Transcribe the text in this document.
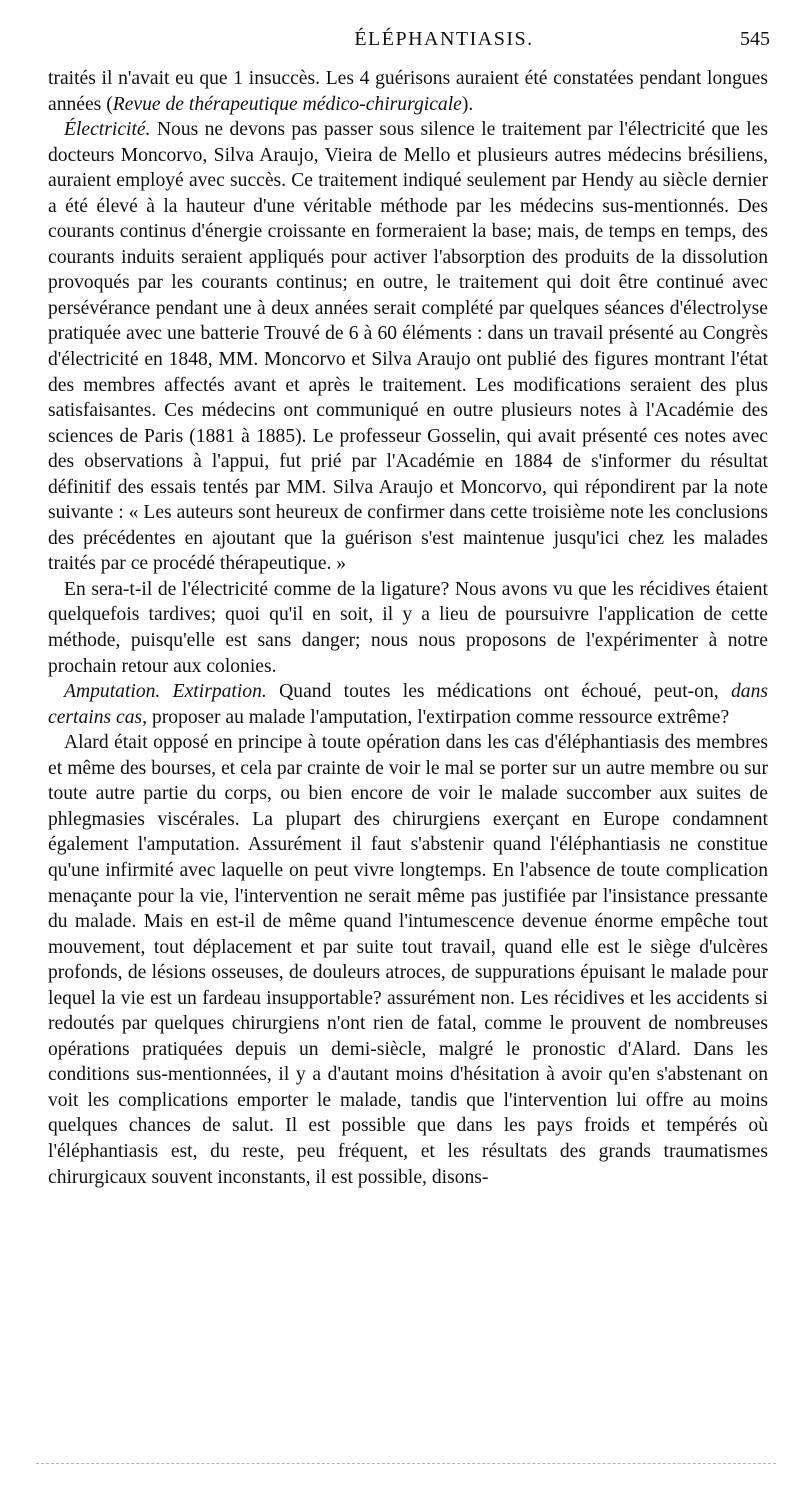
ÉLÉPHANTIASIS.	545

traités il n'avait eu que 1 insuccès. Les 4 guérisons auraient été constatées pendant longues années (Revue de thérapeutique médico-chirurgicale).

Électricité. Nous ne devons pas passer sous silence le traitement par l'électricité que les docteurs Moncorvo, Silva Araujo, Vieira de Mello et plusieurs autres médecins brésiliens, auraient employé avec succès. Ce traitement indiqué seulement par Hendy au siècle dernier a été élevé à la hauteur d'une véritable méthode par les médecins sus-mentionnés. Des courants continus d'énergie croissante en formeraient la base; mais, de temps en temps, des courants induits seraient appliqués pour activer l'absorption des produits de la dissolution provoqués par les courants continus; en outre, le traitement qui doit être continué avec persévérance pendant une à deux années serait complété par quelques séances d'électrolyse pratiquée avec une batterie Trouvé de 6 à 60 éléments : dans un travail présenté au Congrès d'électricité en 1848, MM. Moncorvo et Silva Araujo ont publié des figures montrant l'état des membres affectés avant et après le traitement. Les modifications seraient des plus satisfaisantes. Ces médecins ont communiqué en outre plusieurs notes à l'Académie des sciences de Paris (1881 à 1885). Le professeur Gosselin, qui avait présenté ces notes avec des observations à l'appui, fut prié par l'Académie en 1884 de s'informer du résultat définitif des essais tentés par MM. Silva Araujo et Moncorvo, qui répondirent par la note suivante : « Les auteurs sont heureux de confirmer dans cette troisième note les conclusions des précédentes en ajoutant que la guérison s'est maintenue jusqu'ici chez les malades traités par ce procédé thérapeutique. »

En sera-t-il de l'électricité comme de la ligature? Nous avons vu que les récidives étaient quelquefois tardives; quoi qu'il en soit, il y a lieu de poursuivre l'application de cette méthode, puisqu'elle est sans danger; nous nous proposons de l'expérimenter à notre prochain retour aux colonies.

Amputation. Extirpation. Quand toutes les médications ont échoué, peut-on, dans certains cas, proposer au malade l'amputation, l'extirpation comme ressource extrême?

Alard était opposé en principe à toute opération dans les cas d'éléphantiasis des membres et même des bourses, et cela par crainte de voir le mal se porter sur un autre membre ou sur toute autre partie du corps, ou bien encore de voir le malade succomber aux suites de phlegmasies viscérales. La plupart des chirurgiens exerçant en Europe condamnent également l'amputation. Assurément il faut s'abstenir quand l'éléphantiasis ne constitue qu'une infirmité avec laquelle on peut vivre longtemps. En l'absence de toute complication menaçante pour la vie, l'intervention ne serait même pas justifiée par l'insistance pressante du malade. Mais en est-il de même quand l'intumescence devenue énorme empêche tout mouvement, tout déplacement et par suite tout travail, quand elle est le siège d'ulcères profonds, de lésions osseuses, de douleurs atroces, de suppurations épuisant le malade pour lequel la vie est un fardeau insupportable? assurément non. Les récidives et les accidents si redoutés par quelques chirurgiens n'ont rien de fatal, comme le prouvent de nombreuses opérations pratiquées depuis un demi-siècle, malgré le pronostic d'Alard. Dans les conditions sus-mentionnées, il y a d'autant moins d'hésitation à avoir qu'en s'abstenant on voit les complications emporter le malade, tandis que l'intervention lui offre au moins quelques chances de salut. Il est possible que dans les pays froids et tempérés où l'éléphantiasis est, du reste, peu fréquent, et les résultats des grands traumatismes chirurgicaux souvent inconstants, il est possible, disons-
